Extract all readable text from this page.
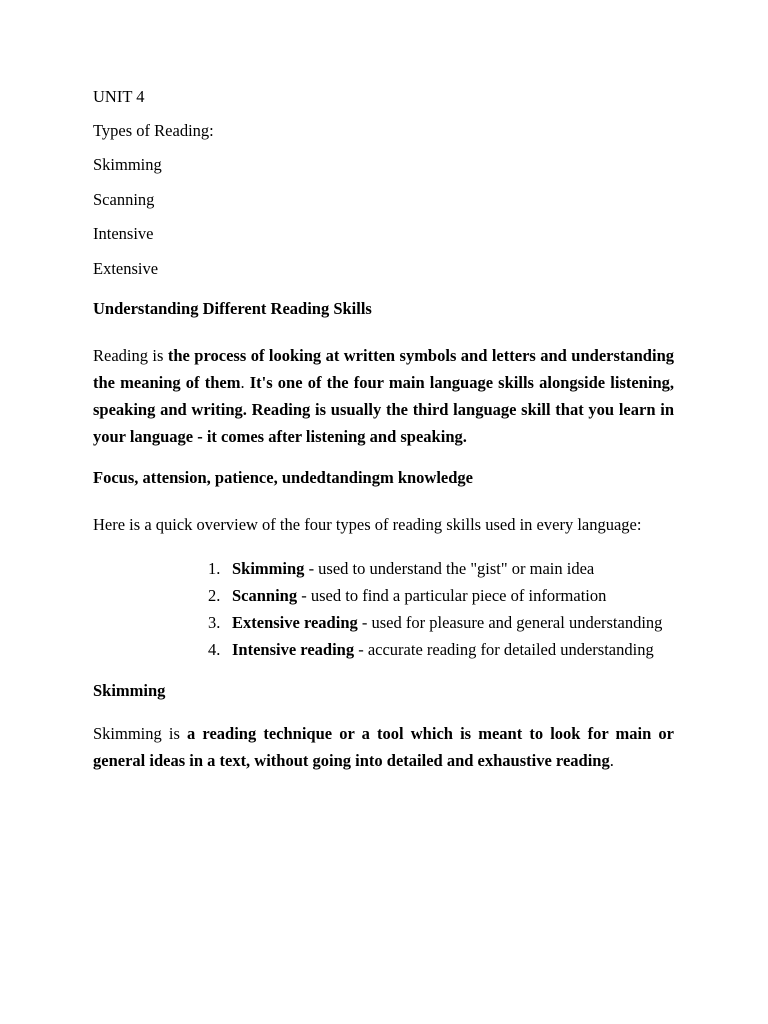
UNIT 4

Types of Reading:

Skimming

Scanning

Intensive

Extensive

Understanding Different Reading Skills

Reading is the process of looking at written symbols and letters and understanding the meaning of them. It's one of the four main language skills alongside listening, speaking and writing. Reading is usually the third language skill that you learn in your language - it comes after listening and speaking.

Focus, attension, patience, undedtandingm knowledge

Here is a quick overview of the four types of reading skills used in every language:

1. Skimming - used to understand the "gist" or main idea
2. Scanning - used to find a particular piece of information
3. Extensive reading - used for pleasure and general understanding
4. Intensive reading - accurate reading for detailed understanding

Skimming

Skimming is a reading technique or a tool which is meant to look for main or general ideas in a text, without going into detailed and exhaustive reading.
